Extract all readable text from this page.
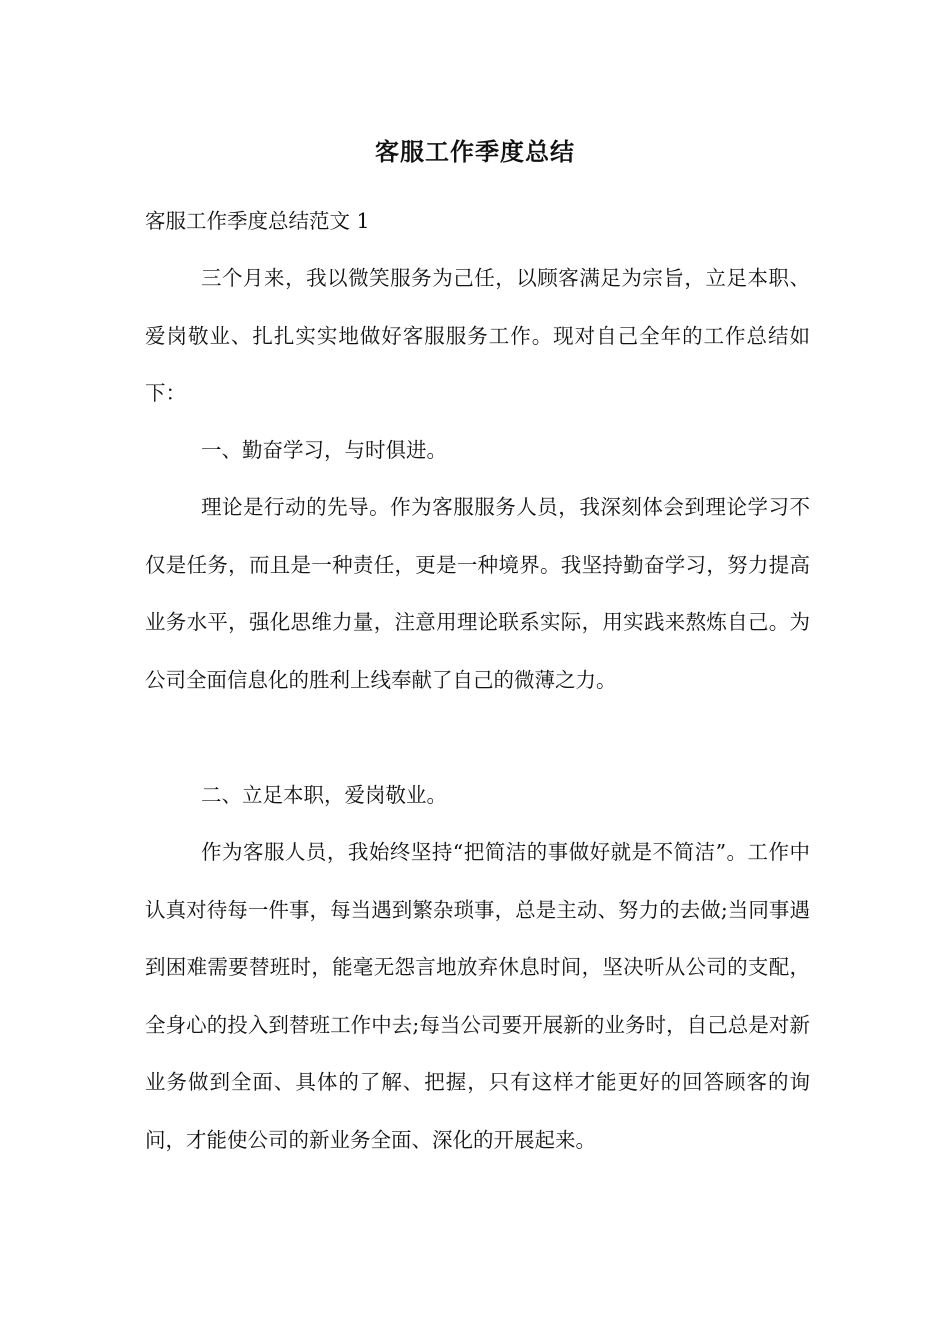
客服工作季度总结

客服工作季度总结范文 1

三个月来，我以微笑服务为己任，以顾客满足为宗旨，立足本职、爱岗敬业、扎扎实实地做好客服服务工作。现对自己全年的工作总结如下：

一、勤奋学习，与时俱进。

理论是行动的先导。作为客服服务人员，我深刻体会到理论学习不仅是任务，而且是一种责任，更是一种境界。我坚持勤奋学习，努力提高业务水平，强化思维力量，注意用理论联系实际，用实践来熬炼自己。为公司全面信息化的胜利上线奉献了自己的微薄之力。

二、立足本职，爱岗敬业。

作为客服人员，我始终坚持“把简洁的事做好就是不简洁”。工作中认真对待每一件事，每当遇到繁杂琐事，总是主动、努力的去做;当同事遇到困难需要替班时，能毫无怨言地放弃休息时间，坚决听从公司的支配，全身心的投入到替班工作中去;每当公司要开展新的业务时，自己总是对新业务做到全面、具体的了解、把握，只有这样才能更好的回答顾客的询问，才能使公司的新业务全面、深化的开展起来。
